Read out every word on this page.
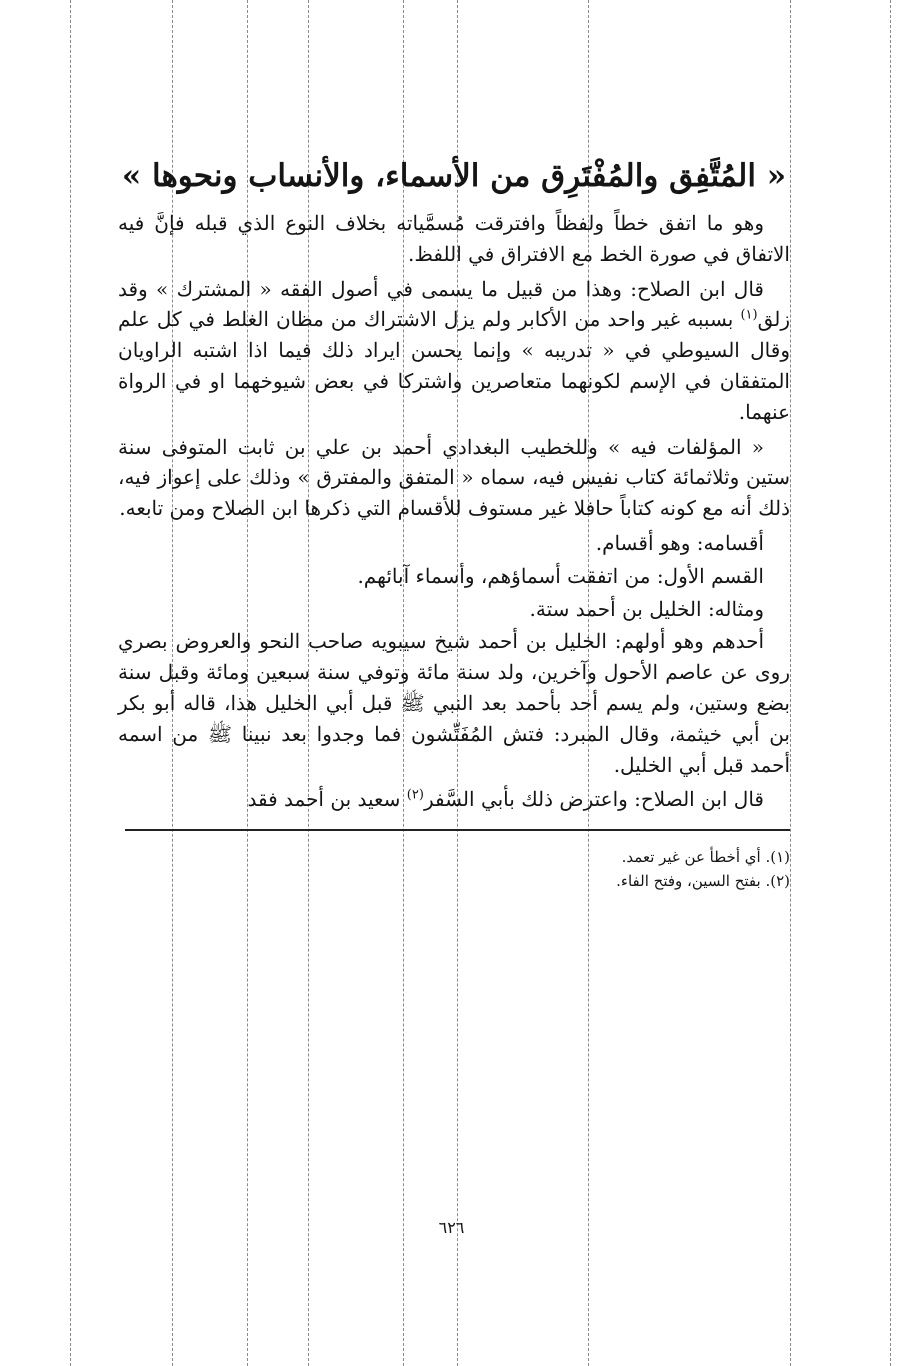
« المُتَّفِق والمُفْتَرِق من الأسماء، والأنساب ونحوها »

وهو ما اتفق خطاً ولفظاً وافترقت مُسمَّياته بخلاف النوع الذي قبله فإنَّ فيه الاتفاق في صورة الخط مع الافتراق في اللفظ.

قال ابن الصلاح: وهذا من قبيل ما يسمى في أصول الفقه « المشترك » وقد زلق$^{(١)}$ بسببه غير واحد من الأكابر ولم يزل الاشتراك من مظان الغلط في كل علم وقال السيوطي في « تدريبه » وإنما يحسن ايراد ذلك فيما اذا اشتبه الراويان المتفقان في الإسم لكونهما متعاصرين واشتركا في بعض شيوخهما او في الرواة عنهما.

« المؤلفات فيه » وللخطيب البغدادي أحمد بن علي بن ثابت المتوفى سنة ستين وثلاثمائة كتاب نفيس فيه، سماه « المتفق والمفترق » وذلك على إعواز فيه، ذلك أنه مع كونه كتاباً حافلا غير مستوف للأقسام التي ذكرها ابن الصلاح ومن تابعه.

أقسامه: وهو أقسام.

القسم الأول: من اتفقت أسماؤهم، وأسماء آبائهم.

ومثاله: الخليل بن أحمد ستة.

أحدهم وهو أولهم: الخليل بن أحمد شيخ سيبويه صاحب النحو والعروض بصري روى عن عاصم الأحول وآخرين، ولد سنة مائة وتوفي سنة سبعين ومائة وقبل سنة بضع وستين، ولم يسم أحد بأحمد بعد النبي ﷺ قبل أبي الخليل هذا، قاله أبو بكر بن أبي خيثمة، وقال المبرد: فتش المُفَتِّشون فما وجدوا بعد نبينا ﷺ من اسمه أحمد قبل أبي الخليل.

قال ابن الصلاح: واعترض ذلك بأبي السَّفر$^{(٢)}$ سعيد بن أحمد فقد

(١). أي أخطأ عن غير تعمد.

(٢). بفتح السين، وفتح الفاء.

٦٢٦
